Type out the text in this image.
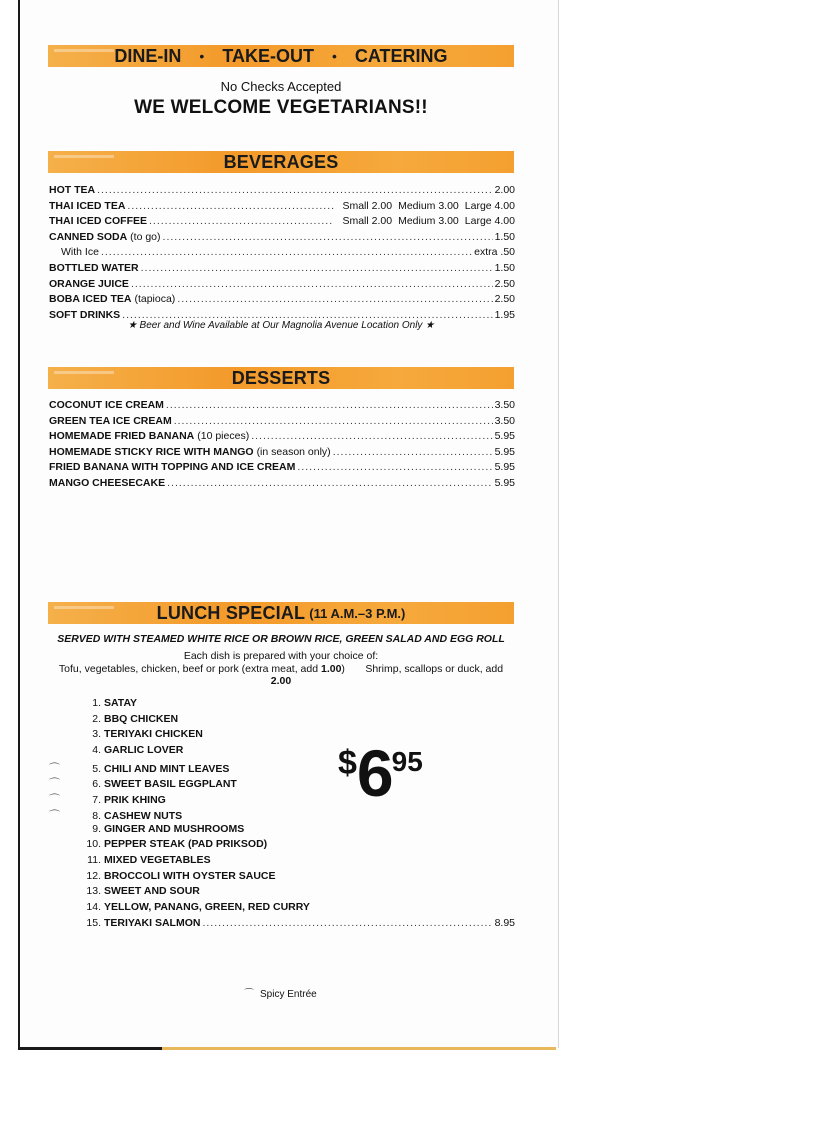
DINE-IN • TAKE-OUT • CATERING
No Checks Accepted
WE WELCOME VEGETARIANS!!
BEVERAGES
HOT TEA .....	2.00
THAI ICED TEA .....	Small 2.00 Medium 3.00 Large 4.00
THAI ICED COFFEE .....	Small 2.00 Medium 3.00 Large 4.00
CANNED SODA (to go) .....	1.50
With Ice .....	extra .50
BOTTLED WATER .....	1.50
ORANGE JUICE .....	2.50
BOBA ICED TEA (tapioca) .....	2.50
SOFT DRINKS .....	1.95
★ Beer and Wine Available at Our Magnolia Avenue Location Only ★
DESSERTS
COCONUT ICE CREAM .....	3.50
GREEN TEA ICE CREAM .....	3.50
HOMEMADE FRIED BANANA (10 pieces) .....	5.95
HOMEMADE STICKY RICE WITH MANGO (in season only) .....	5.95
FRIED BANANA WITH TOPPING AND ICE CREAM .....	5.95
MANGO CHEESECAKE .....	5.95
LUNCH SPECIAL (11 A.M.–3 P.M.)
SERVED WITH STEAMED WHITE RICE OR BROWN RICE, GREEN SALAD AND EGG ROLL
Each dish is prepared with your choice of:
Tofu, vegetables, chicken, beef or pork (extra meat, add 1.00) Shrimp, scallops or duck, add 2.00
1. SATAY
2. BBQ CHICKEN
3. TERIYAKI CHICKEN
4. GARLIC LOVER
⌒	5. CHILI AND MINT LEAVES
⌒	6. SWEET BASIL EGGPLANT
⌒	7. PRIK KHING
⌒	8. CASHEW NUTS
9. GINGER AND MUSHROOMS
10. PEPPER STEAK (PAD PRIKSOD)
11. MIXED VEGETABLES
12. BROCCOLI WITH OYSTER SAUCE
13. SWEET AND SOUR
14. YELLOW, PANANG, GREEN, RED CURRY
15. TERIYAKI SALMON .....	8.95
$695
⌒ Spicy Entrée
